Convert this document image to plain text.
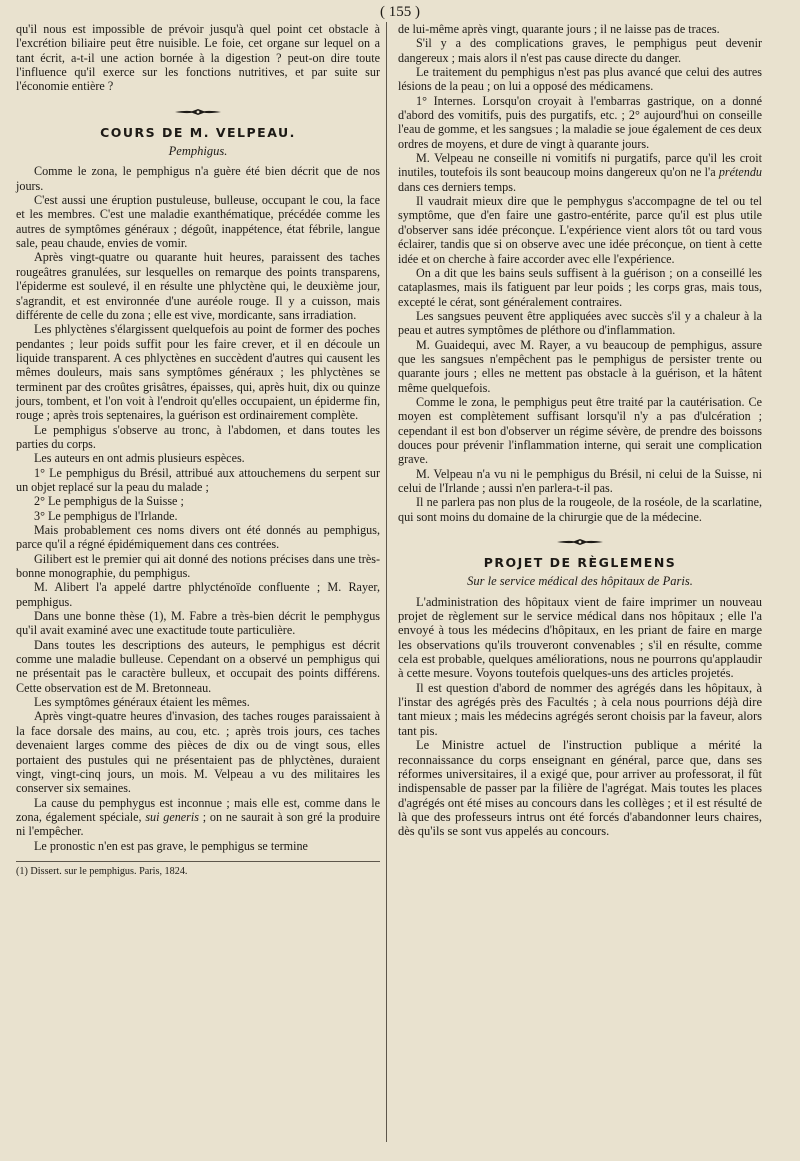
( 155 )

qu'il nous est impossible de prévoir jusqu'à quel point cet obstacle à l'excrétion biliaire peut être nuisible. Le foie, cet organe sur lequel on a tant écrit, a-t-il une action bornée à la digestion ? peut-on dire toute l'influence qu'il exerce sur les fonctions nutritives, et par suite sur l'économie entière ?

COURS DE M. VELPEAU.
Pemphigus.

Comme le zona, le pemphigus n'a guère été bien décrit que de nos jours.

C'est aussi une éruption pustuleuse, bulleuse, occupant le cou, la face et les membres. C'est une maladie exanthématique, précédée comme les autres de symptômes généraux ; dégoût, inappétence, état fébrile, langue sale, peau chaude, envies de vomir.

Après vingt-quatre ou quarante huit heures, paraissent des taches rougeâtres granulées, sur lesquelles on remarque des points transparens, l'épiderme est soulevé, il en résulte une phlyctène qui, le deuxième jour, s'agrandit, et est environnée d'une auréole rouge. Il y a cuisson, mais différente de celle du zona ; elle est vive, mordicante, sans irradiation.

Les phlyctènes s'élargissent quelquefois au point de former des poches pendantes ; leur poids suffit pour les faire crever, et il en découle un liquide transparent. A ces phlyctènes en succèdent d'autres qui causent les mêmes douleurs, mais sans symptômes généraux ; les phlyctènes se terminent par des croûtes grisâtres, épaisses, qui, après huit, dix ou quinze jours, tombent, et l'on voit à l'endroit qu'elles occupaient, un épiderme fin, rouge ; après trois septenaires, la guérison est ordinairement complète.

Le pemphigus s'observe au tronc, à l'abdomen, et dans toutes les parties du corps.

Les auteurs en ont admis plusieurs espèces.

1° Le pemphigus du Brésil, attribué aux attouchemens du serpent sur un objet replacé sur la peau du malade ;

2° Le pemphigus de la Suisse ;

3° Le pemphigus de l'Irlande.

Mais probablement ces noms divers ont été donnés au pemphigus, parce qu'il a régné épidémiquement dans ces contrées.

Gilibert est le premier qui ait donné des notions précises dans une très-bonne monographie, du pemphigus.

M. Alibert l'a appelé dartre phlycténoïde confluente ; M. Rayer, pemphigus.

Dans une bonne thèse (1), M. Fabre a très-bien décrit le pemphygus qu'il avait examiné avec une exactitude toute particulière.

Dans toutes les descriptions des auteurs, le pemphigus est décrit comme une maladie bulleuse. Cependant on a observé un pemphigus qui ne présentait pas le caractère bulleux, et occupait des points différens. Cette observation est de M. Bretonneau.

Les symptômes généraux étaient les mêmes.

Après vingt-quatre heures d'invasion, des taches rouges paraissaient à la face dorsale des mains, au cou, etc. ; après trois jours, ces taches devenaient larges comme des pièces de dix ou de vingt sous, elles portaient des pustules qui ne présentaient pas de phlyctènes, duraient vingt, vingt-cinq jours, un mois. M. Velpeau a vu des militaires les conserver six semaines.

La cause du pemphygus est inconnue ; mais elle est, comme dans le zona, également spéciale, sui generis ; on ne saurait à son gré la produire ni l'empêcher.

Le pronostic n'en est pas grave, le pemphigus se termine

(1) Dissert. sur le pemphigus. Paris, 1824.

de lui-même après vingt, quarante jours ; il ne laisse pas de traces.

S'il y a des complications graves, le pemphigus peut devenir dangereux ; mais alors il n'est pas cause directe du danger.

Le traitement du pemphigus n'est pas plus avancé que celui des autres lésions de la peau ; on lui a opposé des médicamens.

1° Internes. Lorsqu'on croyait à l'embarras gastrique, on a donné d'abord des vomitifs, puis des purgatifs, etc. ; 2° aujourd'hui on conseille l'eau de gomme, et les sangsues ; la maladie se joue également de ces deux ordres de moyens, et dure de vingt à quarante jours.

M. Velpeau ne conseille ni vomitifs ni purgatifs, parce qu'il les croit inutiles, toutefois ils sont beaucoup moins dangereux qu'on ne l'a prétendu dans ces derniers temps.

Il vaudrait mieux dire que le pemphygus s'accompagne de tel ou tel symptôme, que d'en faire une gastro-entérite, parce qu'il est plus utile d'observer sans idée préconçue. L'expérience vient alors tôt ou tard vous éclairer, tandis que si on observe avec une idée préconçue, on tient à cette idée et on cherche à faire accorder avec elle l'expérience.

On a dit que les bains seuls suffisent à la guérison ; on a conseillé les cataplasmes, mais ils fatiguent par leur poids ; les corps gras, mais tous, excepté le cérat, sont généralement contraires.

Les sangsues peuvent être appliquées avec succès s'il y a chaleur à la peau et autres symptômes de pléthore ou d'inflammation.

M. Guaidequi, avec M. Rayer, a vu beaucoup de pemphigus, assure que les sangsues n'empêchent pas le pemphigus de persister trente ou quarante jours ; elles ne mettent pas obstacle à la guérison, et la hâtent même quelquefois.

Comme le zona, le pemphigus peut être traité par la cautérisation. Ce moyen est complètement suffisant lorsqu'il n'y a pas d'ulcération ; cependant il est bon d'observer un régime sévère, de prendre des boissons douces pour prévenir l'inflammation interne, qui serait une complication grave.

M. Velpeau n'a vu ni le pemphigus du Brésil, ni celui de la Suisse, ni celui de l'Irlande ; aussi n'en parlera-t-il pas.

Il ne parlera pas non plus de la rougeole, de la roséole, de la scarlatine, qui sont moins du domaine de la chirurgie que de la médecine.

PROJET DE RÈGLEMENS
Sur le service médical des hôpitaux de Paris.

L'administration des hôpitaux vient de faire imprimer un nouveau projet de règlement sur le service médical dans nos hôpitaux ; elle l'a envoyé à tous les médecins d'hôpitaux, en les priant de faire en marge les observations qu'ils trouveront convenables ; s'il en résulte, comme cela est probable, quelques améliorations, nous ne pourrons qu'applaudir à cette mesure. Voyons toutefois quelques-uns des articles projetés.

Il est question d'abord de nommer des agrégés dans les hôpitaux, à l'instar des agrégés près des Facultés ; à cela nous pourrions déjà dire tant mieux ; mais les médecins agrégés seront choisis par la faveur, alors tant pis.

Le Ministre actuel de l'instruction publique a mérité la reconnaissance du corps enseignant en général, parce que, dans ses réformes universitaires, il a exigé que, pour arriver au professorat, il fût indispensable de passer par la filière de l'agrégat. Mais toutes les places d'agrégés ont été mises au concours dans les collèges ; et il est résulté de là que des professeurs intrus ont été forcés d'abandonner leurs chaires, dès qu'ils se sont vus appelés au concours.
